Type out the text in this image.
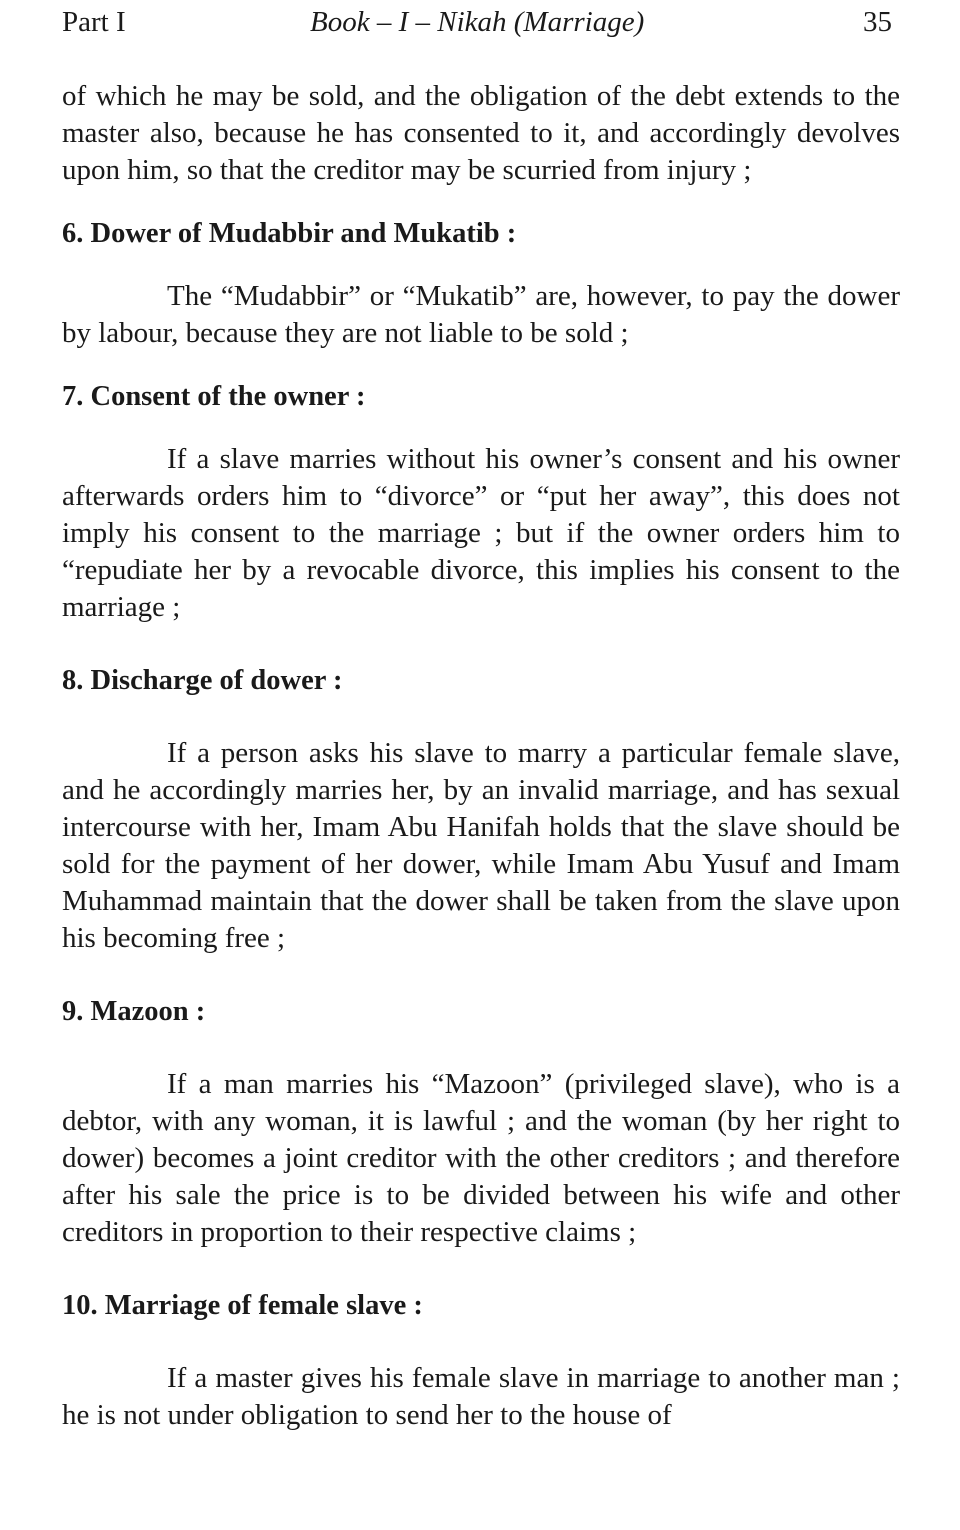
Part I	Book – I – Nikah (Marriage)	35

of which he may be sold, and the obligation of the debt extends to the master also, because he has consented to it, and accordingly devolves upon him, so that the creditor may be scurried from injury ;

6. Dower of Mudabbir and Mukatib :

The “Mudabbir” or “Mukatib” are, however, to pay the dower by labour, because they are not liable to be sold ;

7. Consent of the owner :

If a slave marries without his owner’s consent and his owner afterwards orders him to “divorce” or “put her away”, this does not imply his consent to the marriage ; but if the owner orders him to “repudiate her by a revocable divorce, this implies his consent to the marriage ;

8. Discharge of dower :

If a person asks his slave to marry a particular female slave, and he accordingly marries her, by an invalid marriage, and has sexual intercourse with her, Imam Abu Hanifah holds that the slave should be sold for the payment of her dower, while Imam Abu Yusuf and Imam Muhammad maintain that the dower shall be taken from the slave upon his becoming free ;

9. Mazoon :

If a man marries his “Mazoon” (privileged slave), who is a debtor, with any woman, it is lawful ; and the woman (by her right to dower) becomes a joint creditor with the other creditors ; and therefore after his sale the price is to be divided between his wife and other creditors in proportion to their respective claims ;

10. Marriage of female slave :

If a master gives his female slave in marriage to another man ; he is not under obligation to send her to the house of
